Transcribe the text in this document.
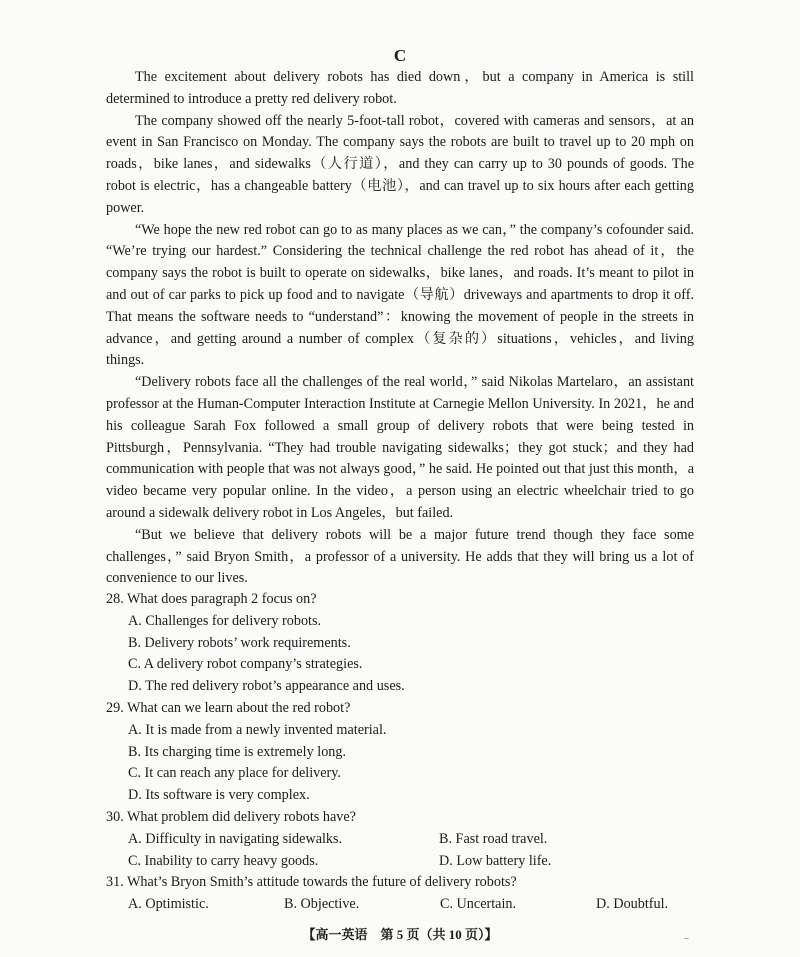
C

The excitement about delivery robots has died down，but a company in America is still determined to introduce a pretty red delivery robot.

The company showed off the nearly 5-foot-tall robot，covered with cameras and sensors，at an event in San Francisco on Monday. The company says the robots are built to travel up to 20 mph on roads，bike lanes，and sidewalks（人行道），and they can carry up to 30 pounds of goods. The robot is electric，has a changeable battery（电池），and can travel up to six hours after each getting power.

“We hope the new red robot can go to as many places as we can，” the company’s cofounder said. “We’re trying our hardest.” Considering the technical challenge the red robot has ahead of it，the company says the robot is built to operate on sidewalks，bike lanes，and roads. It’s meant to pilot in and out of car parks to pick up food and to navigate（导航）driveways and apartments to drop it off. That means the software needs to “understand”：knowing the movement of people in the streets in advance，and getting around a number of complex（复杂的）situations，vehicles，and living things.

“Delivery robots face all the challenges of the real world，” said Nikolas Martelaro，an assistant professor at the Human-Computer Interaction Institute at Carnegie Mellon University. In 2021，he and his colleague Sarah Fox followed a small group of delivery robots that were being tested in Pittsburgh，Pennsylvania. “They had trouble navigating sidewalks；they got stuck；and they had communication with people that was not always good，” he said. He pointed out that just this month，a video became very popular online. In the video，a person using an electric wheelchair tried to go around a sidewalk delivery robot in Los Angeles，but failed.

“But we believe that delivery robots will be a major future trend though they face some challenges，” said Bryon Smith，a professor of a university. He adds that they will bring us a lot of convenience to our lives.

28. What does paragraph 2 focus on?

A. Challenges for delivery robots.
B. Delivery robots’ work requirements.
C. A delivery robot company’s strategies.
D. The red delivery robot’s appearance and uses.

29. What can we learn about the red robot?

A. It is made from a newly invented material.
B. Its charging time is extremely long.
C. It can reach any place for delivery.
D. Its software is very complex.

30. What problem did delivery robots have?

A. Difficulty in navigating sidewalks.	B. Fast road travel.
C. Inability to carry heavy goods.	D. Low battery life.

31. What’s Bryon Smith’s attitude towards the future of delivery robots?

A. Optimistic.	B. Objective.	C. Uncertain.	D. Doubtful.
【高一英语　第 5 页（共 10 页）】	–
